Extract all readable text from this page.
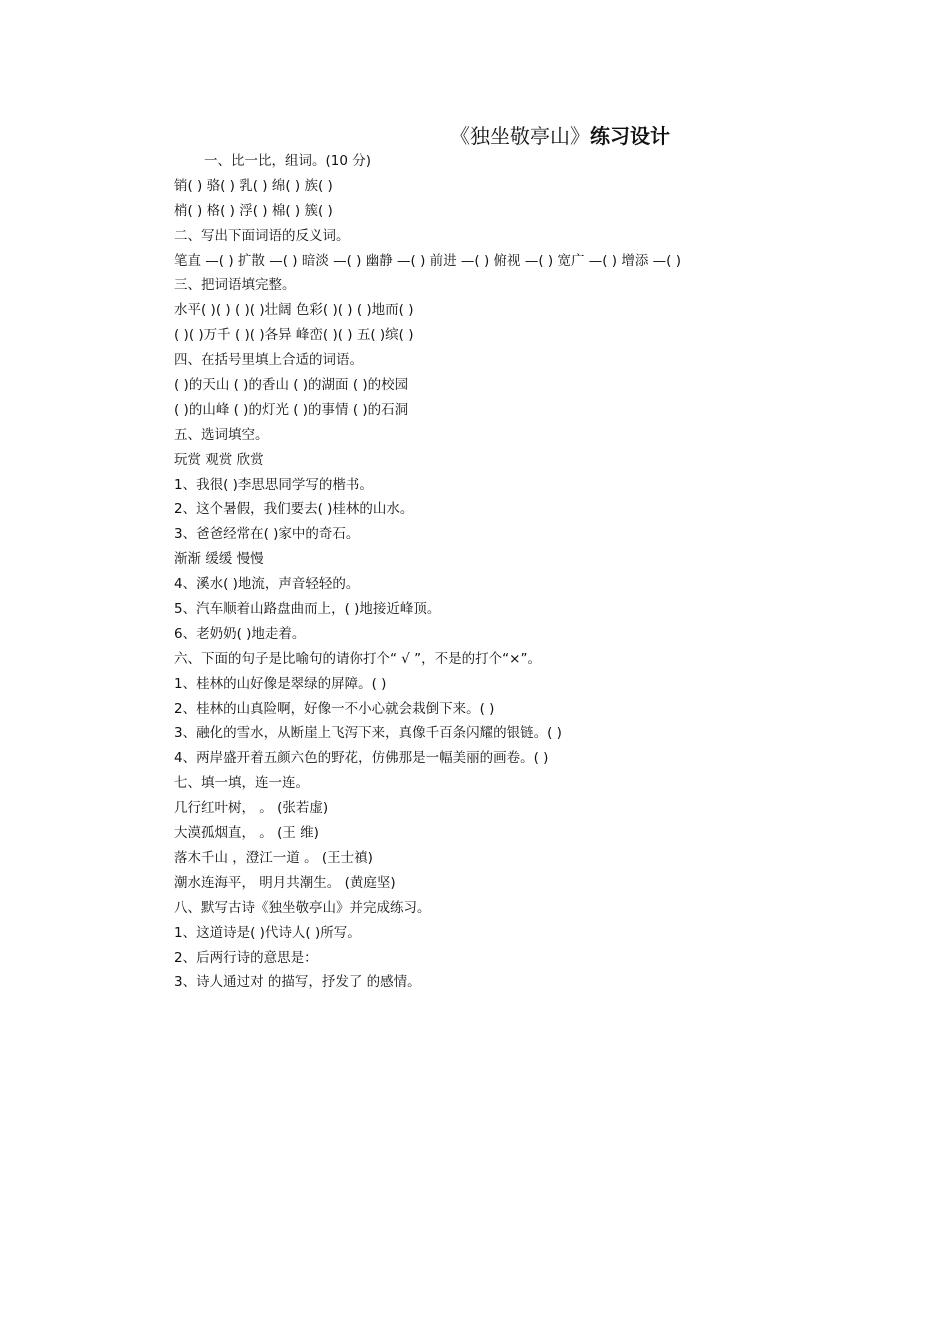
《独坐敬亭山》练习设计
一、比一比，组词。(10 分)
销( ) 骆( ) 乳( ) 绵( ) 族( )
梢( ) 格( ) 浮( ) 棉( ) 簇( )
二、写出下面词语的反义词。
笔直 —( ) 扩散 —( ) 暗淡 —( ) 幽静 —( ) 前进 —( ) 俯视 —( ) 宽广 —( ) 增添 —( )
三、把词语填完整。
水平( )( ) ( )( )壮阔 色彩( )( ) ( )地而( )
( )( )万千 ( )( )各异 峰峦( )( ) 五( )缤( )
四、在括号里填上合适的词语。
( )的天山 ( )的香山 ( )的湖面 ( )的校园
( )的山峰 ( )的灯光 ( )的事情 ( )的石洞
五、选词填空。
玩赏 观赏 欣赏
1、我很( )李思思同学写的楷书。
2、这个暑假，我们要去( )桂林的山水。
3、爸爸经常在( )家中的奇石。
渐渐 缓缓 慢慢
4、溪水( )地流，声音轻轻的。
5、汽车顺着山路盘曲而上，( )地接近峰顶。
6、老奶奶( )地走着。
六、下面的句子是比喻句的请你打个“ √ ”，不是的打个“×”。
1、桂林的山好像是翠绿的屏障。( )
2、桂林的山真险啊，好像一不小心就会栽倒下来。( )
3、融化的雪水，从断崖上飞泻下来，真像千百条闪耀的银链。( )
4、两岸盛开着五颜六色的野花，仿佛那是一幅美丽的画卷。( )
七、填一填，连一连。
几行红叶树， 。 (张若虚)
大漠孤烟直， 。 (王 维)
落木千山 ，澄江一道 。 (王士禛)
潮水连海平， 明月共潮生。 (黄庭坚)
八、默写古诗《独坐敬亭山》并完成练习。
1、这道诗是( )代诗人( )所写。
2、后两行诗的意思是：
3、诗人通过对 的描写，抒发了 的感情。
